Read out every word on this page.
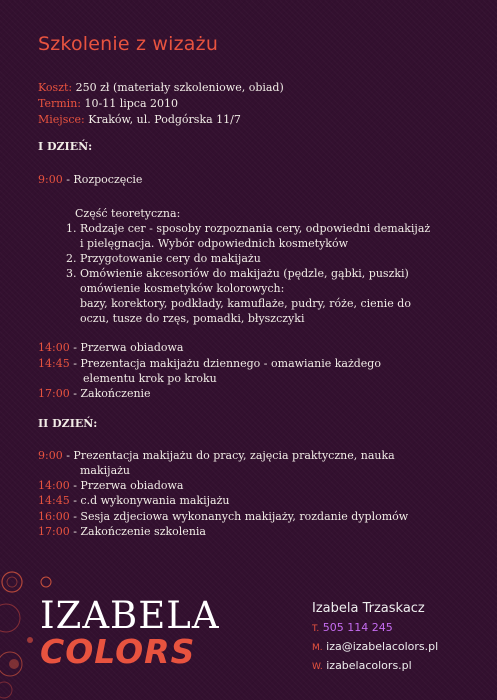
Szkolenie z wizażu
Koszt: 250 zł (materiały szkoleniowe, obiad)
Termin: 10-11 lipca 2010
Miejsce: Kraków, ul. Podgórska 11/7
I DZIEŃ:
9:00 - Rozpoczęcie
Część teoretyczna:
1. Rodzaje cer - sposoby rozpoznania cery, odpowiedni demakijaż
i pielęgnacja. Wybór odpowiednich kosmetyków
2. Przygotowanie cery do makijażu
3. Omówienie akcesoriów do makijażu (pędzle, gąbki, puszki)
omówienie kosmetyków kolorowych:
bazy, korektory, podkłady, kamuflaże, pudry, róże, cienie do
oczu, tusze do rzęs, pomadki, błyszczyki
14:00 - Przerwa obiadowa
14:45 - Prezentacja makijażu dziennego - omawianie każdego
elementu krok po kroku
17:00 - Zakończenie
II DZIEŃ:
9:00 - Prezentacja makijażu do pracy, zajęcia praktyczne, nauka
makijażu
14:00 - Przerwa obiadowa
14:45 - c.d wykonywania makijażu
16:00 - Sesja zdjeciowa wykonanych makijaży, rozdanie dyplomów
17:00 - Zakończenie szkolenia
IZABELA
COLORS
Izabela Trzaskacz
T. 505 114 245
M. iza@izabelacolors.pl
W. izabelacolors.pl
